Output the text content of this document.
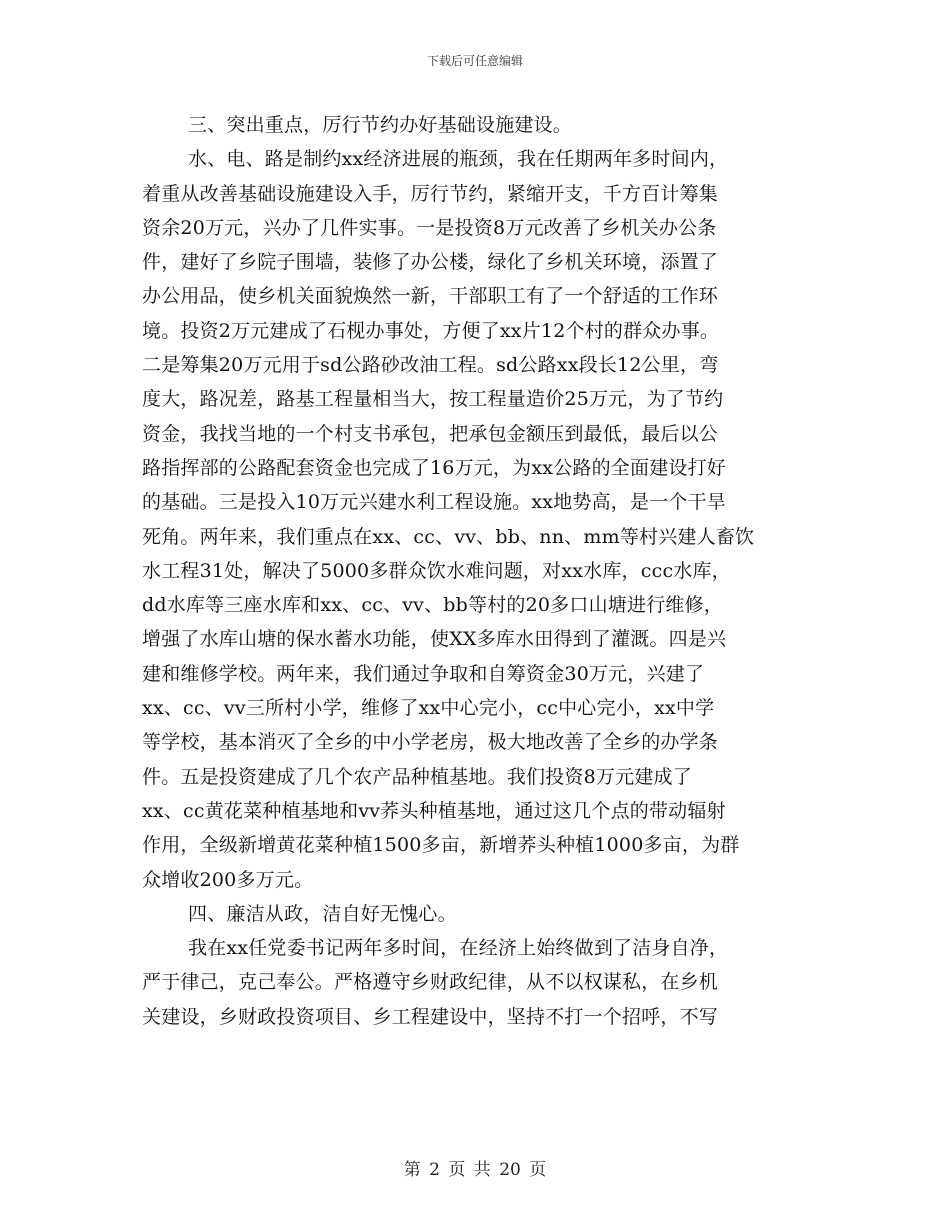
下载后可任意编辑
三、突出重点，厉行节约办好基础设施建设。
水、电、路是制约xx经济进展的瓶颈，我在任期两年多时间内，
着重从改善基础设施建设入手，厉行节约，紧缩开支，千方百计筹集
资余20万元，兴办了几件实事。一是投资8万元改善了乡机关办公条
件，建好了乡院子围墙，装修了办公楼，绿化了乡机关环境，添置了
办公用品，使乡机关面貌焕然一新，干部职工有了一个舒适的工作环
境。投资2万元建成了石枧办事处，方便了xx片12个村的群众办事。
二是筹集20万元用于sd公路砂改油工程。sd公路xx段长12公里，弯
度大，路况差，路基工程量相当大，按工程量造价25万元，为了节约
资金，我找当地的一个村支书承包，把承包金额压到最低，最后以公
路指挥部的公路配套资金也完成了16万元，为xx公路的全面建设打好
的基础。三是投入10万元兴建水利工程设施。xx地势高，是一个干旱
死角。两年来，我们重点在xx、cc、vv、bb、nn、mm等村兴建人畜饮
水工程31处，解决了5000多群众饮水难问题，对xx水库，ccc水库，
dd水库等三座水库和xx、cc、vv、bb等村的20多口山塘进行维修，
增强了水库山塘的保水蓄水功能，使XX多库水田得到了灌溉。四是兴
建和维修学校。两年来，我们通过争取和自筹资金30万元，兴建了
xx、cc、vv三所村小学，维修了xx中心完小，cc中心完小，xx中学
等学校，基本消灭了全乡的中小学老房，极大地改善了全乡的办学条
件。五是投资建成了几个农产品种植基地。我们投资8万元建成了
xx、cc黄花菜种植基地和vv荞头种植基地，通过这几个点的带动辐射
作用，全级新增黄花菜种植1500多亩，新增荞头种植1000多亩，为群
众增收200多万元。
四、廉洁从政，洁自好无愧心。
我在xx任党委书记两年多时间，在经济上始终做到了洁身自净，
严于律己，克己奉公。严格遵守乡财政纪律，从不以权谋私，在乡机
关建设，乡财政投资项目、乡工程建设中，坚持不打一个招呼，不写
第 2 页 共 20 页
